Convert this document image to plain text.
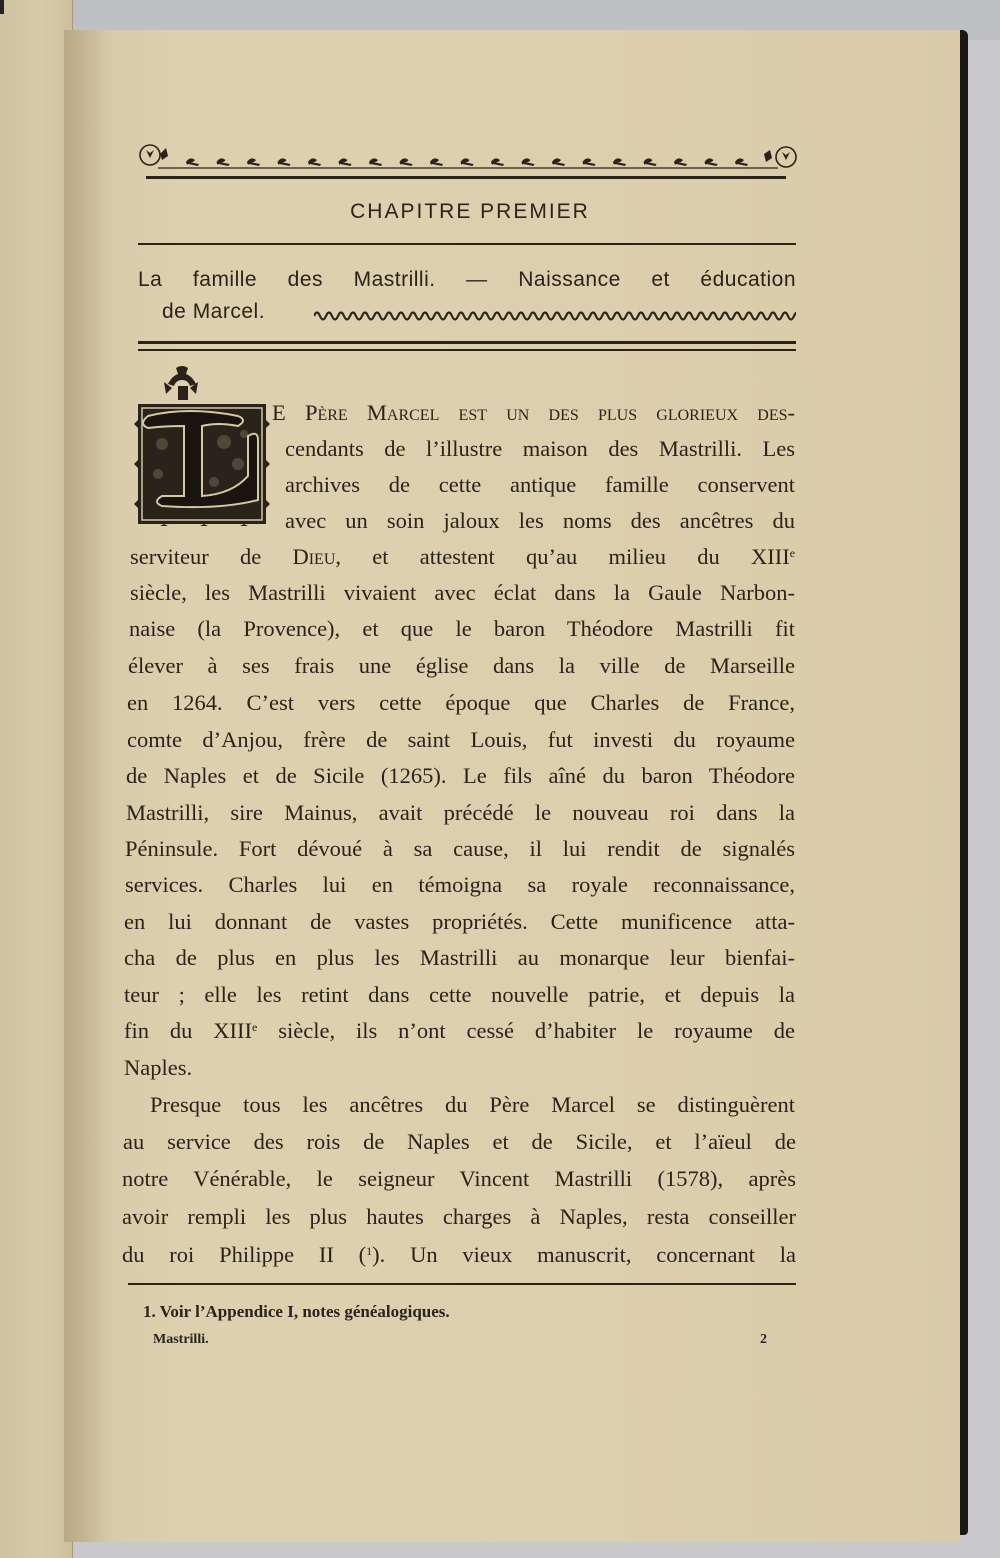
CHAPITRE PREMIER
La famille des Mastrilli. — Naissance et éducation
de Marcel.
E Père Marcel est un des plus glorieux des-
cendants de l’illustre maison des Mastrilli. Les
archives de cette antique famille conservent
avec un soin jaloux les noms des ancêtres du
serviteur de Dieu, et attestent qu’au milieu du XIIIe
siècle, les Mastrilli vivaient avec éclat dans la Gaule Narbon-
naise (la Provence), et que le baron Théodore Mastrilli fit
élever à ses frais une église dans la ville de Marseille
en 1264. C’est vers cette époque que Charles de France,
comte d’Anjou, frère de saint Louis, fut investi du royaume
de Naples et de Sicile (1265). Le fils aîné du baron Théodore
Mastrilli, sire Mainus, avait précédé le nouveau roi dans la
Péninsule. Fort dévoué à sa cause, il lui rendit de signalés
services. Charles lui en témoigna sa royale reconnaissance,
en lui donnant de vastes propriétés. Cette munificence atta-
cha de plus en plus les Mastrilli au monarque leur bienfai-
teur ; elle les retint dans cette nouvelle patrie, et depuis la
fin du XIIIe siècle, ils n’ont cessé d’habiter le royaume de
Naples.
Presque tous les ancêtres du Père Marcel se distinguèrent
au service des rois de Naples et de Sicile, et l’aïeul de
notre Vénérable, le seigneur Vincent Mastrilli (1578), après
avoir rempli les plus hautes charges à Naples, resta conseiller
du roi Philippe II ($^1$). Un vieux manuscrit, concernant la
1. Voir l’Appendice I, notes généalogiques.
Mastrilli.	2
